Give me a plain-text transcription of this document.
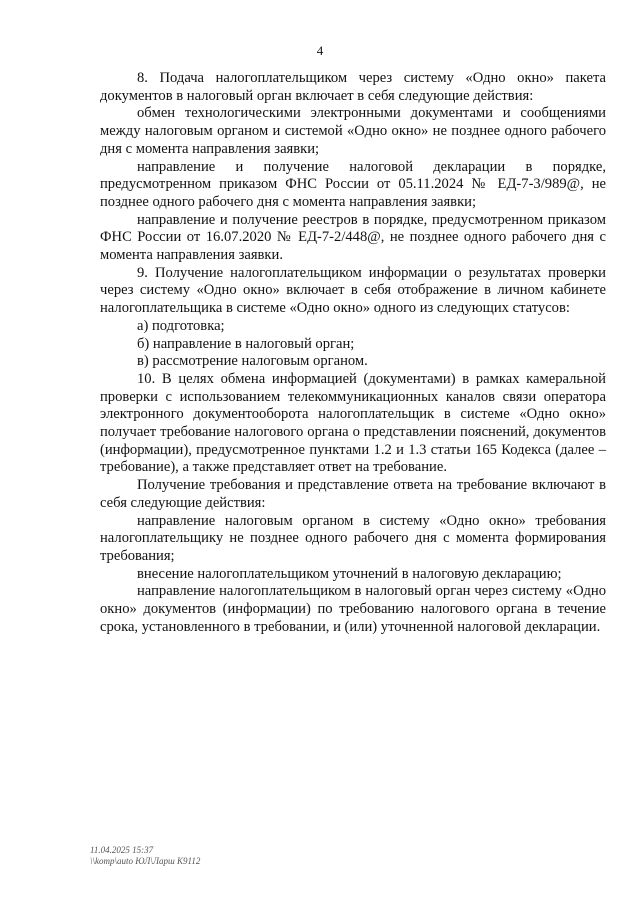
4

8. Подача налогоплательщиком через систему «Одно окно» пакета документов в налоговый орган включает в себя следующие действия:

обмен технологическими электронными документами и сообщениями между налоговым органом и системой «Одно окно» не позднее одного рабочего дня с момента направления заявки;

направление и получение налоговой декларации в порядке, предусмотренном приказом ФНС России от 05.11.2024 № ЕД-7-3/989@, не позднее одного рабочего дня с момента направления заявки;

направление и получение реестров в порядке, предусмотренном приказом ФНС России от 16.07.2020 № ЕД-7-2/448@, не позднее одного рабочего дня с момента направления заявки.

9. Получение налогоплательщиком информации о результатах проверки через систему «Одно окно» включает в себя отображение в личном кабинете налогоплательщика в системе «Одно окно» одного из следующих статусов:

а) подготовка;

б) направление в налоговый орган;

в) рассмотрение налоговым органом.

10. В целях обмена информацией (документами) в рамках камеральной проверки с использованием телекоммуникационных каналов связи оператора электронного документооборота налогоплательщик в системе «Одно окно» получает требование налогового органа о представлении пояснений, документов (информации), предусмотренное пунктами 1.2 и 1.3 статьи 165 Кодекса (далее – требование), а также представляет ответ на требование.

Получение требования и представление ответа на требование включают в себя следующие действия:

направление налоговым органом в систему «Одно окно» требования налогоплательщику не позднее одного рабочего дня с момента формирования требования;

внесение налогоплательщиком уточнений в налоговую декларацию;

направление налогоплательщиком в налоговый орган через систему «Одно окно» документов (информации) по требованию налогового органа в течение срока, установленного в требовании, и (или) уточненной налоговой декларации.

11.04.2025 15:37
\\komp\auto ЮЛ\Ларш К9112
